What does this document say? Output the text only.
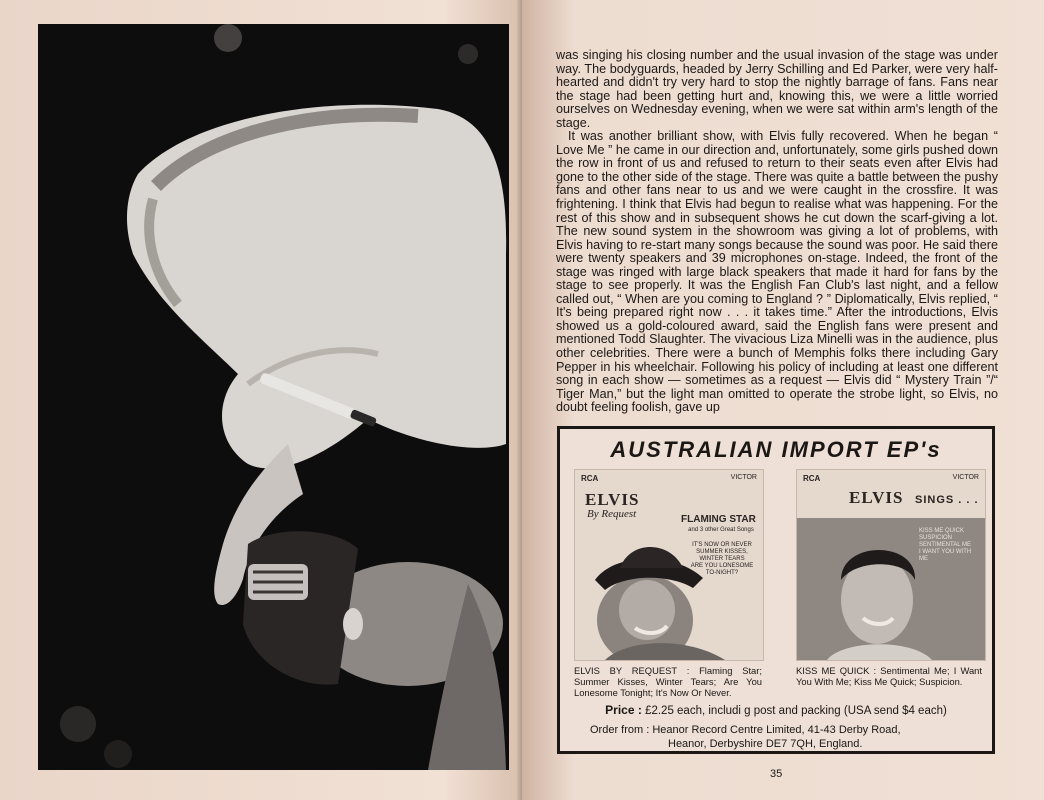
was singing his closing number and the usual invasion of the stage was under way. The bodyguards, headed by Jerry Schilling and Ed Parker, were very half-hearted and didn't try very hard to stop the nightly barrage of fans. Fans near the stage had been getting hurt and, knowing this, we were a little worried ourselves on Wednesday evening, when we were sat within arm's length of the stage.

It was another brilliant show, with Elvis fully recovered. When he began “ Love Me ” he came in our direction and, unfortunately, some girls pushed down the row in front of us and refused to return to their seats even after Elvis had gone to the other side of the stage. There was quite a battle between the pushy fans and other fans near to us and we were caught in the crossfire. It was frightening. I think that Elvis had begun to realise what was happening. For the rest of this show and in subsequent shows he cut down the scarf-giving a lot. The new sound system in the showroom was giving a lot of problems, with Elvis having to re-start many songs because the sound was poor. He said there were twenty speakers and 39 microphones on-stage. Indeed, the front of the stage was ringed with large black speakers that made it hard for fans by the stage to see properly. It was the English Fan Club's last night, and a fellow called out, “ When are you coming to England ? ” Diplomatically, Elvis replied, “ It's being prepared right now . . . it takes time.” After the introductions, Elvis showed us a gold-coloured award, said the English fans were present and mentioned Todd Slaughter. The vivacious Liza Minelli was in the audience, plus other celebrities. There were a bunch of Memphis folks there including Gary Pepper in his wheelchair. Following his policy of including at least one different song in each show — sometimes as a request — Elvis did “ Mystery Train ”/“ Tiger Man,” but the light man omitted to operate the strobe light, so Elvis, no doubt feeling foolish, gave up

AUSTRALIAN IMPORT EP's
RCA	VICTOR
ELVIS
By Request	FLAMING STAR
and 3 other Great Songs
IT'S NOW OR NEVER
SUMMER KISSES, WINTER TEARS
ARE YOU LONESOME TO-NIGHT?
RCA	VICTOR
ELVIS SINGS . . .
KISS ME QUICK
SUSPICION
SENTIMENTAL ME
I WANT YOU WITH ME
ELVIS BY REQUEST : Flaming Star; Summer Kisses, Winter Tears; Are You Lonesome Tonight; It's Now Or Never.
KISS ME QUICK : Sentimental Me; I Want You With Me; Kiss Me Quick; Suspicion.
Price : £2.25 each, includi g post and packing (USA send $4 each)
Order from : Heanor Record Centre Limited, 41-43 Derby Road,
Heanor, Derbyshire DE7 7QH, England.
35
